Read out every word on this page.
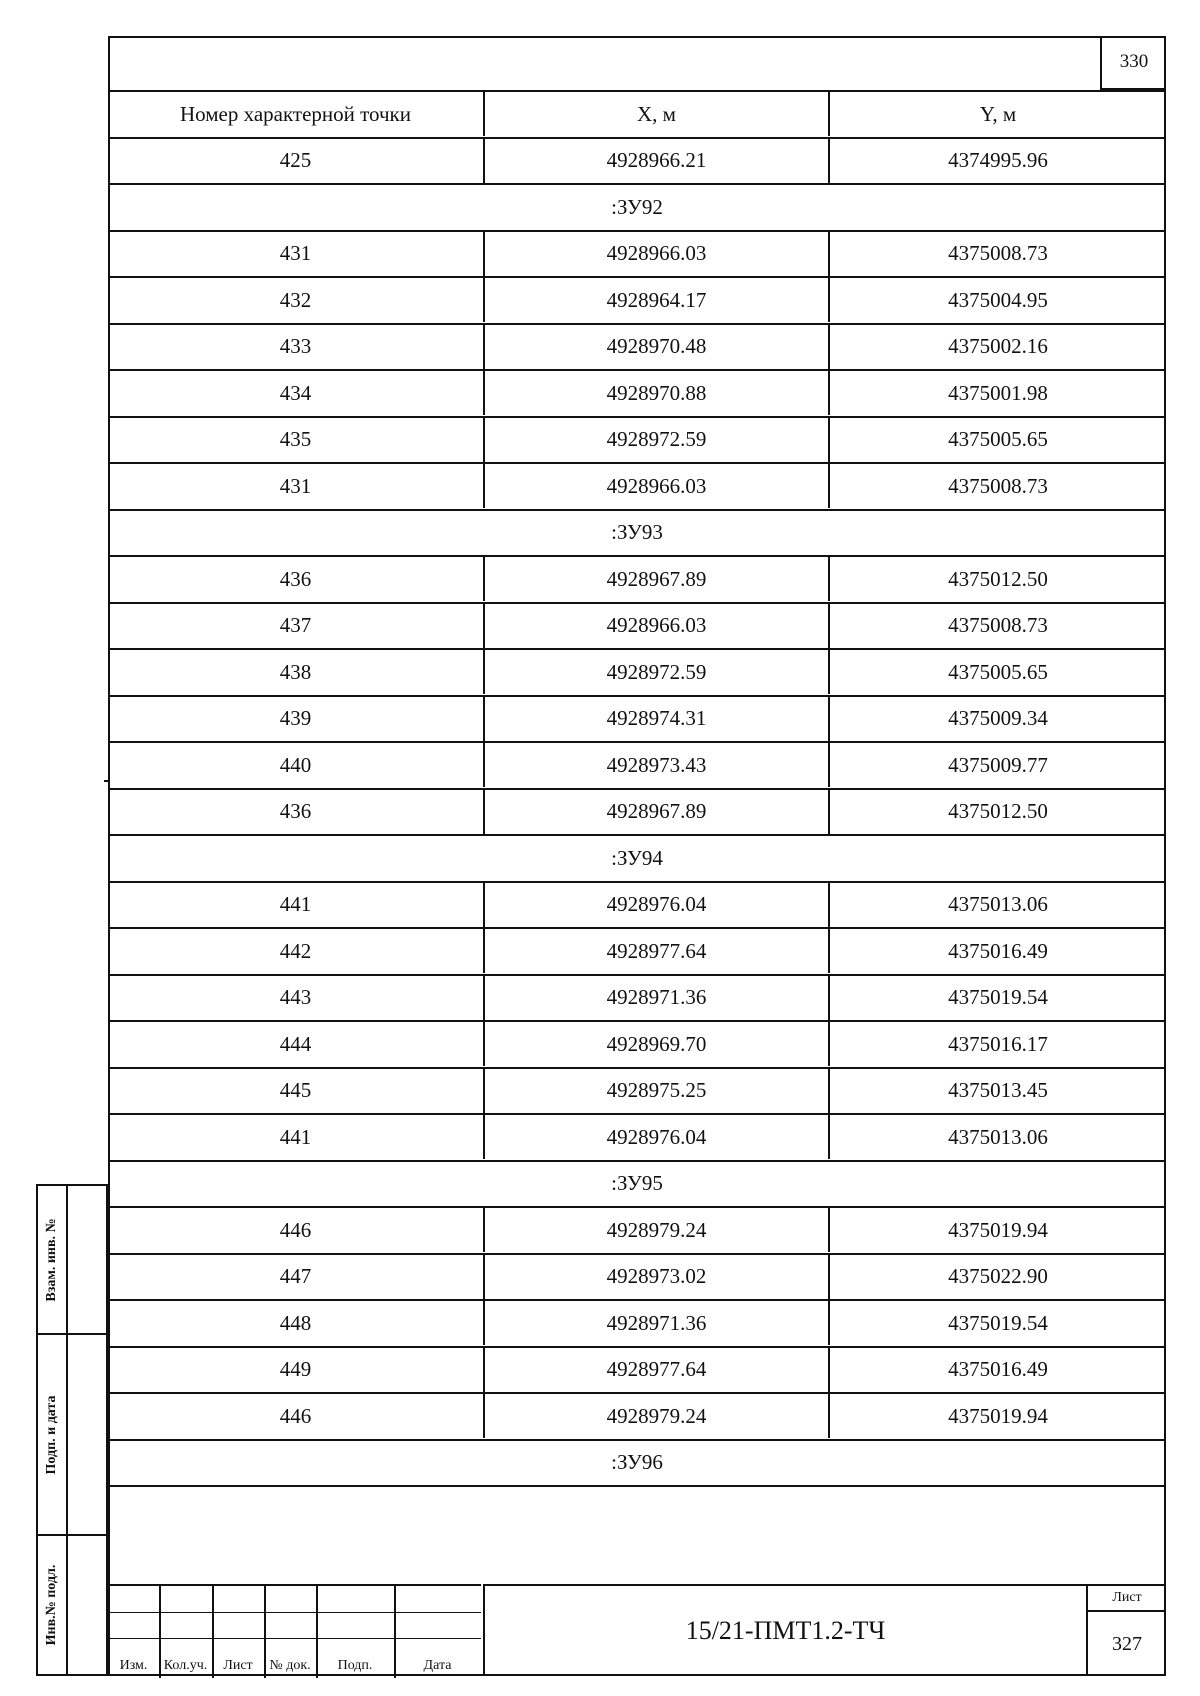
330
Номер характерной точки	X, м	Y, м
425	4928966.21	4374995.96
:ЗУ92
431	4928966.03	4375008.73
432	4928964.17	4375004.95
433	4928970.48	4375002.16
434	4928970.88	4375001.98
435	4928972.59	4375005.65
431	4928966.03	4375008.73
:ЗУ93
436	4928967.89	4375012.50
437	4928966.03	4375008.73
438	4928972.59	4375005.65
439	4928974.31	4375009.34
440	4928973.43	4375009.77
436	4928967.89	4375012.50
:ЗУ94
441	4928976.04	4375013.06
442	4928977.64	4375016.49
443	4928971.36	4375019.54
444	4928969.70	4375016.17
445	4928975.25	4375013.45
441	4928976.04	4375013.06
:ЗУ95
446	4928979.24	4375019.94
447	4928973.02	4375022.90
448	4928971.36	4375019.54
449	4928977.64	4375016.49
446	4928979.24	4375019.94
:ЗУ96
Взам. инв. №
Подп. и дата
Инв.№ подл.
Изм.	Кол.уч.	Лист	№ док.	Подп.	Дата
15/21-ПМТ1.2-ТЧ
Лист
327
